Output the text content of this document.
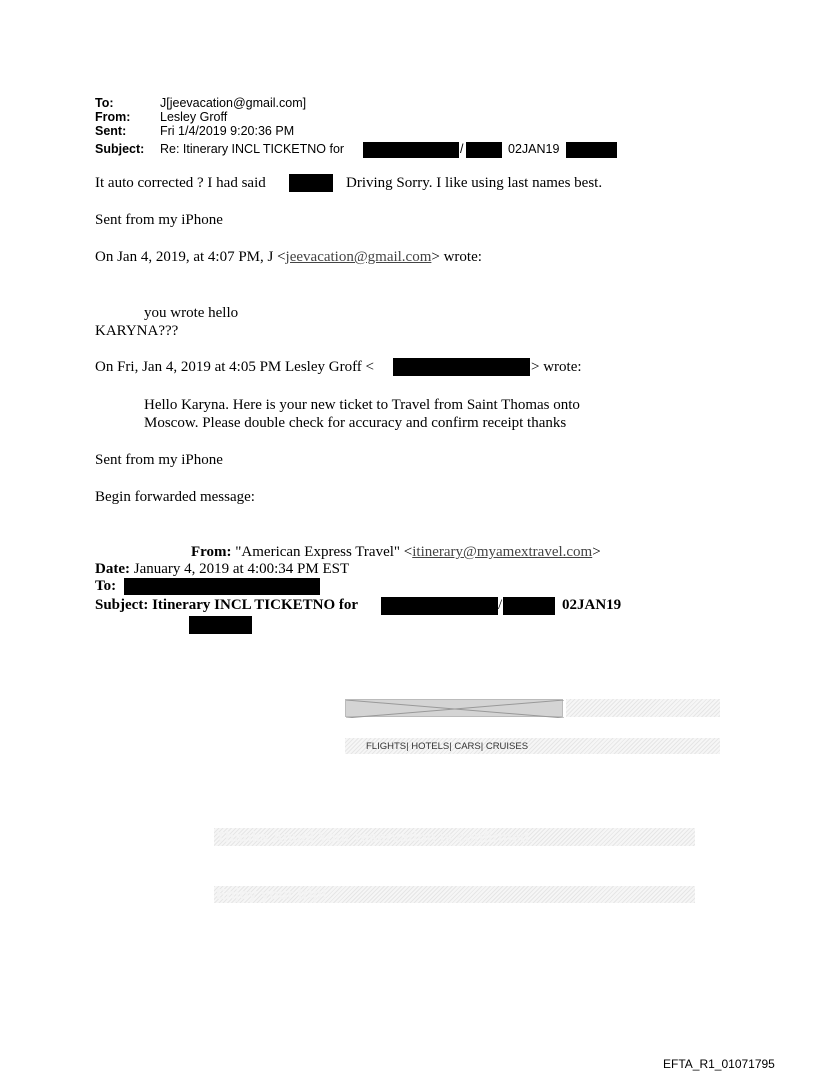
To:	J[jeevacation@gmail.com]
From: Lesley Groff
Sent:	Fri 1/4/2019 9:20:36 PM
Subject: Re: Itinerary INCL TICKETNO for	/	02JAN19
It auto corrected ? I had said	Driving Sorry. I like using last names best.
Sent from my iPhone
On Jan 4, 2019, at 4:07 PM, J <jeevacation@gmail.com> wrote:
you wrote hello
KARYNA???
On Fri, Jan 4, 2019 at 4:05 PM Lesley Groff <	> wrote:
Hello Karyna. Here is your new ticket to Travel from Saint Thomas onto
Moscow. Please double check for accuracy and confirm receipt thanks
Sent from my iPhone
Begin forwarded message:
From: "American Express Travel" <itinerary@myamextravel.com>
Date: January 4, 2019 at 4:00:34 PM EST
To:
Subject: Itinerary INCL TICKETNO for	/	02JAN19
FLIGHTS| HOTELS| CARS| CRUISES
Thanks Anuel Your reservation is confirmed.
Enjoy your trip!
EFTA_R1_01071795
